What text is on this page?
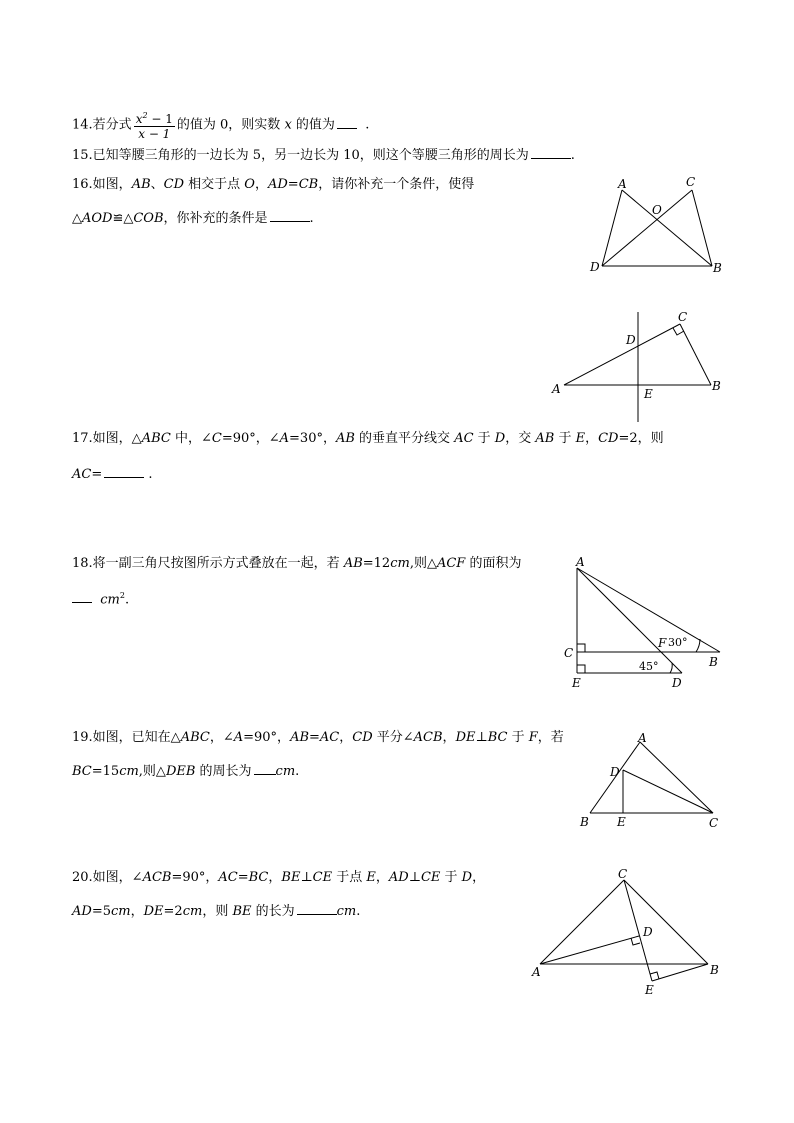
14.若分式 $\frac{x^2 - 1}{x - 1}$ 的值为 0，则实数 x 的值为 .
15.已知等腰三角形的一边长为 5，另一边长为 10，则这个等腰三角形的周长为	.
16.如图，AB、CD 相交于点 O，AD=CB，请你补充一个条件，使得
△AOD≌△COB，你补充的条件是	.
A	C
O
D	B
A	B
C
D
E
17.如图，△ABC 中，∠C=90°，∠A=30°，AB 的垂直平分线交 AC 于 D，交 AB 于 E，CD=2，则
AC=	.
18.将一副三角尺按图所示方式叠放在一起，若 AB=12cm,则△ACF 的面积为
$cm^2$.
A
C
F 30°
B
45°
E	D
19.如图，已知在△ABC，∠A=90°，AB=AC，CD 平分∠ACB，DE⊥BC 于 F，若
BC=15cm,则△DEB 的周长为 cm.
A
D
B E	C
20.如图，∠ACB=90°，AC=BC，BE⊥CE 于点 E，AD⊥CE 于 D，
AD=5cm，DE=2cm，则 BE 的长为	cm.
C
D
A	B
E
